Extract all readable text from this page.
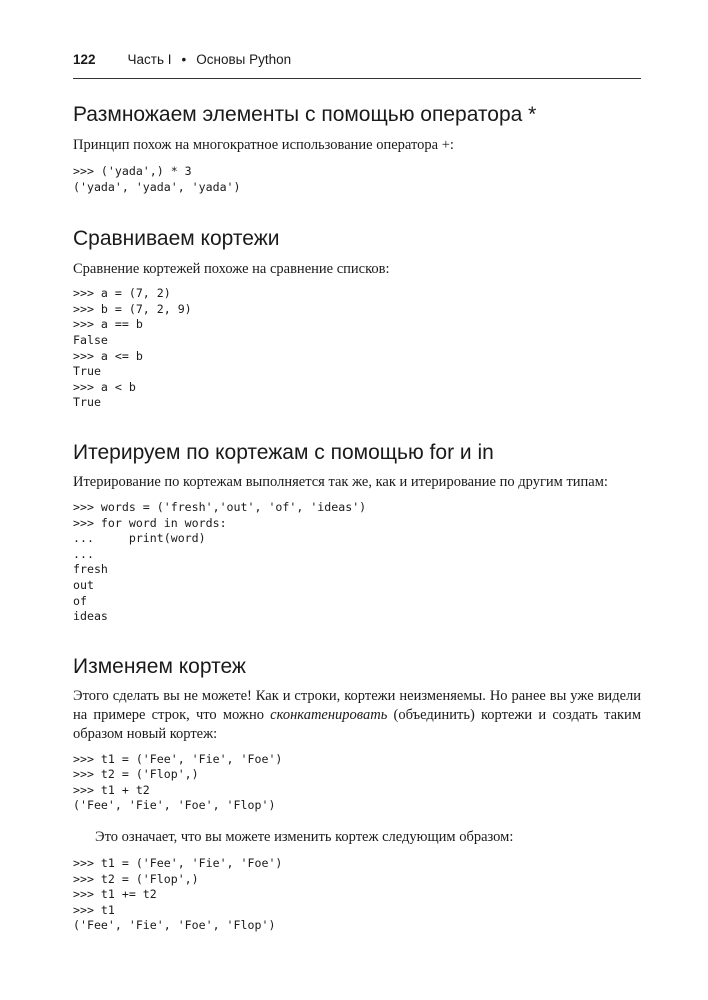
122 Часть I • Основы Python
Размножаем элементы с помощью оператора *

Принцип похож на многократное использование оператора +:

>>> ('yada',) * 3
('yada', 'yada', 'yada')
Сравниваем кортежи

Сравнение кортежей похоже на сравнение списков:

>>> a = (7, 2)
>>> b = (7, 2, 9)
>>> a == b
False
>>> a <= b
True
>>> a < b
True
Итерируем по кортежам с помощью for и in

Итерирование по кортежам выполняется так же, как и итерирование по другим типам:

>>> words = ('fresh','out', 'of', 'ideas')
>>> for word in words:
...     print(word)
...
fresh
out
of
ideas
Изменяем кортеж

Этого сделать вы не можете! Как и строки, кортежи неизменяемы. Но ранее вы уже видели на примере строк, что можно сконкатенировать (объединить) кортежи и создать таким образом новый кортеж:

>>> t1 = ('Fee', 'Fie', 'Foe')
>>> t2 = ('Flop',)
>>> t1 + t2
('Fee', 'Fie', 'Foe', 'Flop')

Это означает, что вы можете изменить кортеж следующим образом:

>>> t1 = ('Fee', 'Fie', 'Foe')
>>> t2 = ('Flop',)
>>> t1 += t2
>>> t1
('Fee', 'Fie', 'Foe', 'Flop')
